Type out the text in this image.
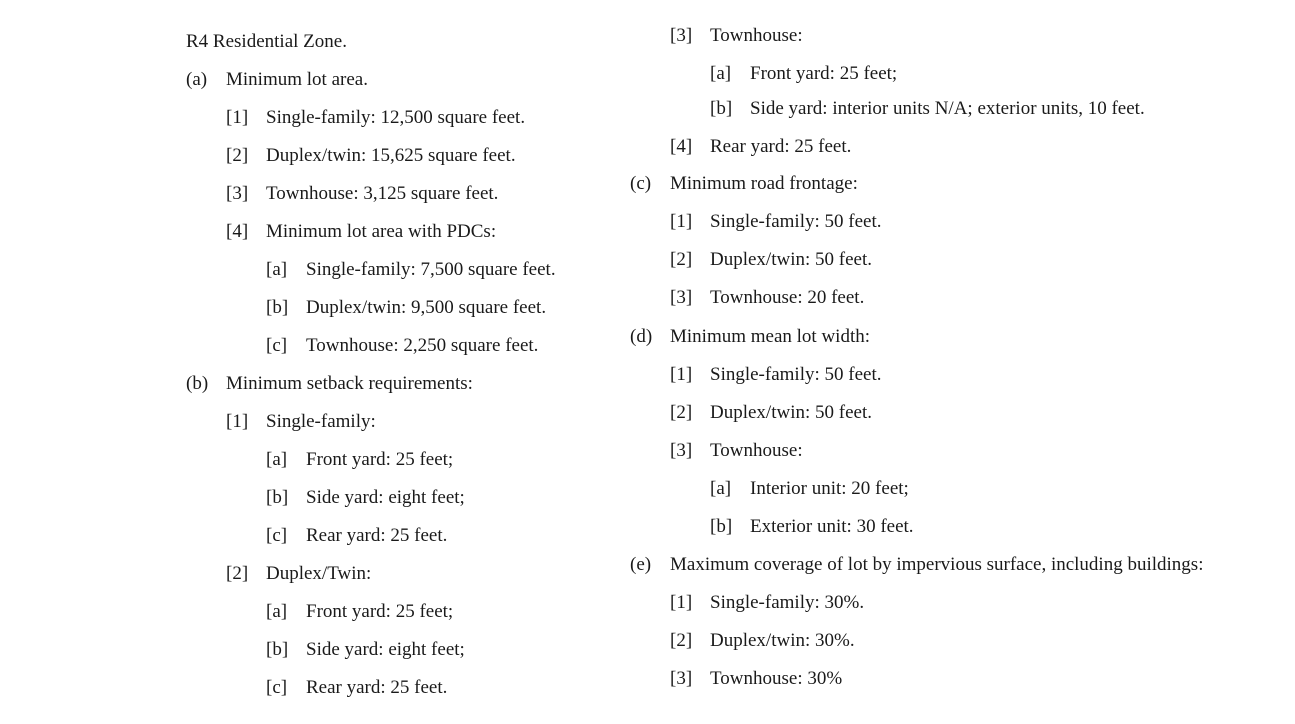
R4 Residential Zone.
(a) Minimum lot area.
[1] Single-family: 12,500 square feet.
[2] Duplex/twin: 15,625 square feet.
[3] Townhouse: 3,125 square feet.
[4] Minimum lot area with PDCs:
[a] Single-family: 7,500 square feet.
[b] Duplex/twin: 9,500 square feet.
[c] Townhouse: 2,250 square feet.
(b) Minimum setback requirements:
[1] Single-family:
[a] Front yard: 25 feet;
[b] Side yard: eight feet;
[c] Rear yard: 25 feet.
[2] Duplex/Twin:
[a] Front yard: 25 feet;
[b] Side yard: eight feet;
[c] Rear yard: 25 feet.
[3] Townhouse:
[a] Front yard: 25 feet;
[b] Side yard: interior units N/A; exterior units, 10 feet.
[4] Rear yard: 25 feet.
(c) Minimum road frontage:
[1] Single-family: 50 feet.
[2] Duplex/twin: 50 feet.
[3] Townhouse: 20 feet.
(d) Minimum mean lot width:
[1] Single-family: 50 feet.
[2] Duplex/twin: 50 feet.
[3] Townhouse:
[a] Interior unit: 20 feet;
[b] Exterior unit: 30 feet.
(e) Maximum coverage of lot by impervious surface, including buildings:
[1] Single-family: 30%.
[2] Duplex/twin: 30%.
[3] Townhouse: 30%
